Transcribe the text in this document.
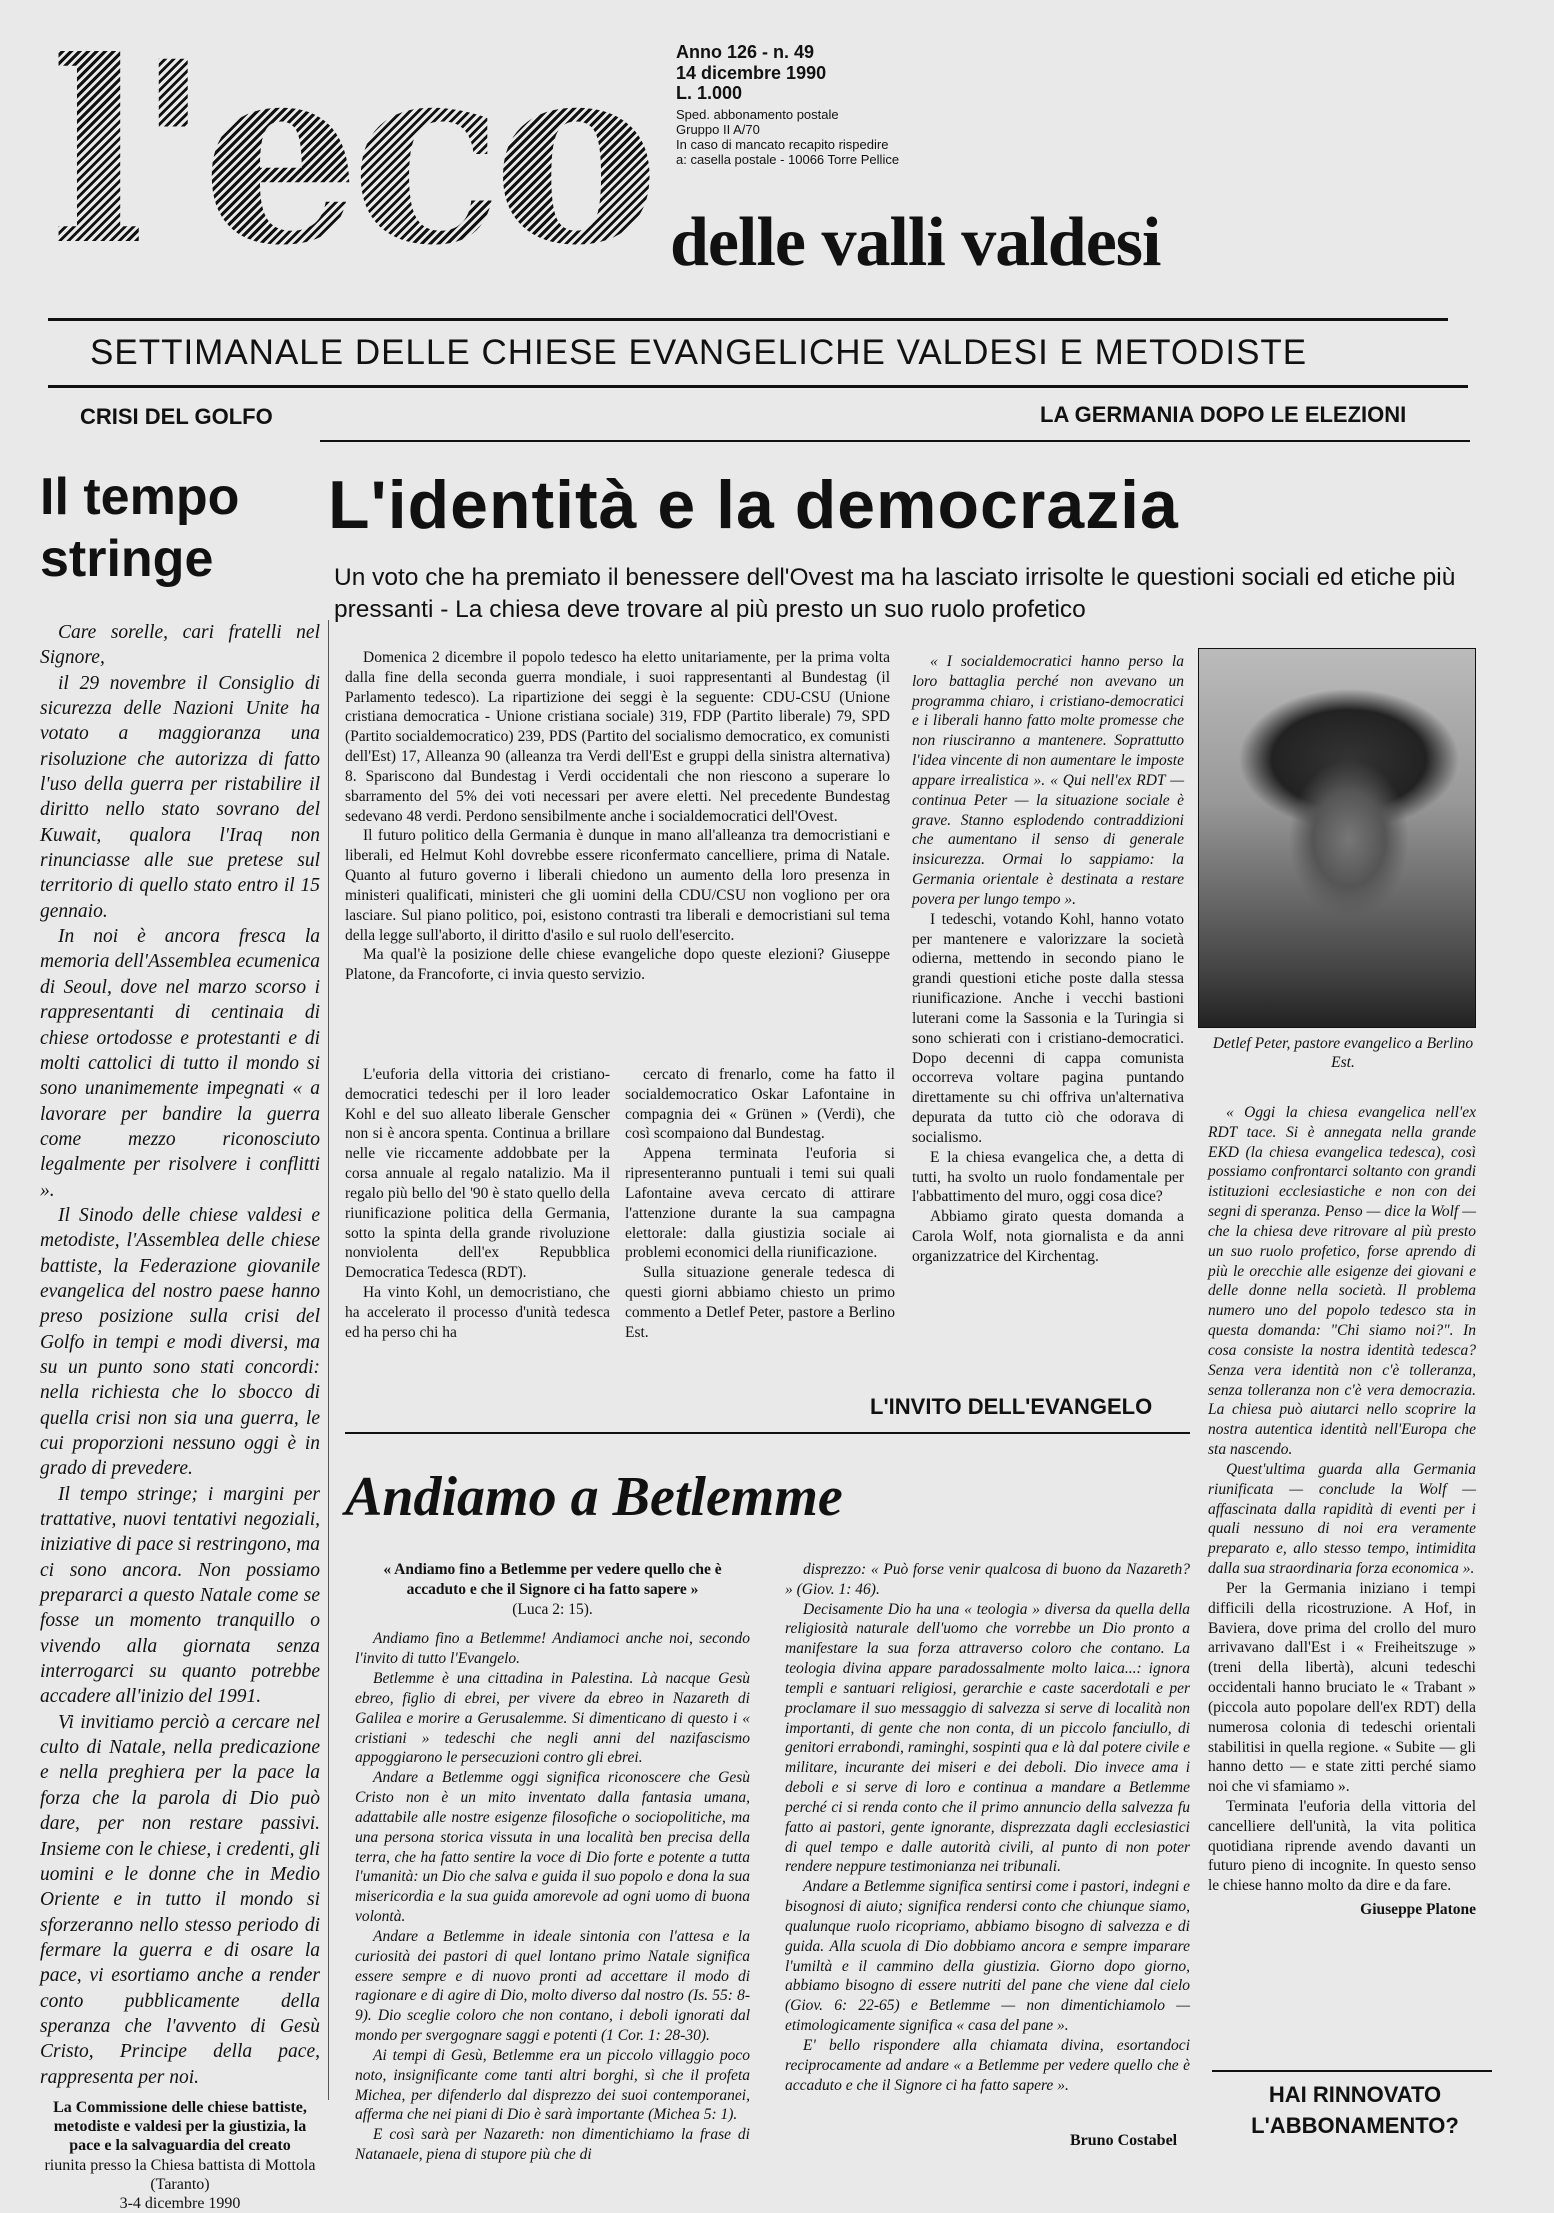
l'eco Anno 126 - n. 49
14 dicembre 1990
L. 1.000
Sped. abbonamento postale
Gruppo II A/70
In caso di mancato recapito rispedire
a: casella postale - 10066 Torre Pellice
delle valli valdesi
SETTIMANALE DELLE CHIESE EVANGELICHE VALDESI E METODISTE
CRISI DEL GOLFO	LA GERMANIA DOPO LE ELEZIONI
Il tempo
stringe

Care sorelle, cari fratelli nel Signore,

il 29 novembre il Consiglio di sicurezza delle Nazioni Unite ha votato a maggioranza una risoluzione che autorizza di fatto l'uso della guerra per ristabilire il diritto nello stato sovrano del Kuwait, qualora l'Iraq non rinunciasse alle sue pretese sul territorio di quello stato entro il 15 gennaio.

In noi è ancora fresca la memoria dell'Assemblea ecumenica di Seoul, dove nel marzo scorso i rappresentanti di centinaia di chiese ortodosse e protestanti e di molti cattolici di tutto il mondo si sono unanimemente impegnati « a lavorare per bandire la guerra come mezzo riconosciuto legalmente per risolvere i conflitti ».

Il Sinodo delle chiese valdesi e metodiste, l'Assemblea delle chiese battiste, la Federazione giovanile evangelica del nostro paese hanno preso posizione sulla crisi del Golfo in tempi e modi diversi, ma su un punto sono stati concordi: nella richiesta che lo sbocco di quella crisi non sia una guerra, le cui proporzioni nessuno oggi è in grado di prevedere.

Il tempo stringe; i margini per trattative, nuovi tentativi negoziali, iniziative di pace si restringono, ma ci sono ancora. Non possiamo prepararci a questo Natale come se fosse un momento tranquillo o vivendo alla giornata senza interrogarci su quanto potrebbe accadere all'inizio del 1991.

Vi invitiamo perciò a cercare nel culto di Natale, nella predicazione e nella preghiera per la pace la forza che la parola di Dio può dare, per non restare passivi. Insieme con le chiese, i credenti, gli uomini e le donne che in Medio Oriente e in tutto il mondo si sforzeranno nello stesso periodo di fermare la guerra e di osare la pace, vi esortiamo anche a render conto pubblicamente della speranza che l'avvento di Gesù Cristo, Principe della pace, rappresenta per noi.

La Commissione delle chiese battiste, metodiste e valdesi per la giustizia, la pace e la salvaguardia del creato
riunita presso la Chiesa battista di Mottola (Taranto)
3-4 dicembre 1990
L'identità e la democrazia
Un voto che ha premiato il benessere dell'Ovest ma ha lasciato irrisolte le questioni sociali ed etiche più pressanti - La chiesa deve trovare al più presto un suo ruolo profetico

Domenica 2 dicembre il popolo tedesco ha eletto unitariamente, per la prima volta dalla fine della seconda guerra mondiale, i suoi rappresentanti al Bundestag (il Parlamento tedesco). La ripartizione dei seggi è la seguente: CDU-CSU (Unione cristiana democratica - Unione cristiana sociale) 319, FDP (Partito liberale) 79, SPD (Partito socialdemocratico) 239, PDS (Partito del socialismo democratico, ex comunisti dell'Est) 17, Alleanza 90 (alleanza tra Verdi dell'Est e gruppi della sinistra alternativa) 8. Spariscono dal Bundestag i Verdi occidentali che non riescono a superare lo sbarramento del 5% dei voti necessari per avere eletti. Nel precedente Bundestag sedevano 48 verdi. Perdono sensibilmente anche i socialdemocratici dell'Ovest.

Il futuro politico della Germania è dunque in mano all'alleanza tra democristiani e liberali, ed Helmut Kohl dovrebbe essere riconfermato cancelliere, prima di Natale. Quanto al futuro governo i liberali chiedono un aumento della loro presenza in ministeri qualificati, ministeri che gli uomini della CDU/CSU non vogliono per ora lasciare. Sul piano politico, poi, esistono contrasti tra liberali e democristiani sul tema della legge sull'aborto, il diritto d'asilo e sul ruolo dell'esercito.

Ma qual'è la posizione delle chiese evangeliche dopo queste elezioni? Giuseppe Platone, da Francoforte, ci invia questo servizio.

L'euforia della vittoria dei cristiano-democratici tedeschi per il loro leader Kohl e del suo alleato liberale Genscher non si è ancora spenta. Continua a brillare nelle vie riccamente addobbate per la corsa annuale al regalo natalizio. Ma il regalo più bello del '90 è stato quello della riunificazione politica della Germania, sotto la spinta della grande rivoluzione nonviolenta dell'ex Repubblica Democratica Tedesca (RDT).

Ha vinto Kohl, un democristiano, che ha accelerato il processo d'unità tedesca ed ha perso chi ha

cercato di frenarlo, come ha fatto il socialdemocratico Oskar Lafontaine in compagnia dei « Grünen » (Verdi), che così scompaiono dal Bundestag.

Appena terminata l'euforia si ripresenteranno puntuali i temi sui quali Lafontaine aveva cercato di attirare l'attenzione durante la sua campagna elettorale: dalla giustizia sociale ai problemi economici della riunificazione.

Sulla situazione generale tedesca di questi giorni abbiamo chiesto un primo commento a Detlef Peter, pastore a Berlino Est.

« I socialdemocratici hanno perso la loro battaglia perché non avevano un programma chiaro, i cristiano-democratici e i liberali hanno fatto molte promesse che non riusciranno a mantenere. Soprattutto l'idea vincente di non aumentare le imposte appare irrealistica ». « Qui nell'ex RDT — continua Peter — la situazione sociale è grave. Stanno esplodendo contraddizioni che aumentano il senso di generale insicurezza. Ormai lo sappiamo: la Germania orientale è destinata a restare povera per lungo tempo ».

I tedeschi, votando Kohl, hanno votato per mantenere e valorizzare la società odierna, mettendo in secondo piano le grandi questioni etiche poste dalla stessa riunificazione. Anche i vecchi bastioni luterani come la Sassonia e la Turingia si sono schierati con i cristiano-democratici. Dopo decenni di cappa comunista occorreva voltare pagina puntando direttamente su chi offriva un'alternativa depurata da tutto ciò che odorava di socialismo.

E la chiesa evangelica che, a detta di tutti, ha svolto un ruolo fondamentale per l'abbattimento del muro, oggi cosa dice?

Abbiamo girato questa domanda a Carola Wolf, nota giornalista e da anni organizzatrice del Kirchentag.

Detlef Peter, pastore evangelico a Berlino Est.

« Oggi la chiesa evangelica nell'ex RDT tace. Si è annegata nella grande EKD (la chiesa evangelica tedesca), così possiamo confrontarci soltanto con grandi istituzioni ecclesiastiche e non con dei segni di speranza. Penso — dice la Wolf — che la chiesa deve ritrovare al più presto un suo ruolo profetico, forse aprendo di più le orecchie alle esigenze dei giovani e delle donne nella società. Il problema numero uno del popolo tedesco sta in questa domanda: "Chi siamo noi?". In cosa consiste la nostra identità tedesca? Senza vera identità non c'è tolleranza, senza tolleranza non c'è vera democrazia. La chiesa può aiutarci nello scoprire la nostra autentica identità nell'Europa che sta nascendo.

Quest'ultima guarda alla Germania riunificata — conclude la Wolf — affascinata dalla rapidità di eventi per i quali nessuno di noi era veramente preparato e, allo stesso tempo, intimidita dalla sua straordinaria forza economica ».

Per la Germania iniziano i tempi difficili della ricostruzione. A Hof, in Baviera, dove prima del crollo del muro arrivavano dall'Est i « Freiheitszuge » (treni della libertà), alcuni tedeschi occidentali hanno bruciato le « Trabant » (piccola auto popolare dell'ex RDT) della numerosa colonia di tedeschi orientali stabilitisi in quella regione. « Subite — gli hanno detto — e state zitti perché siamo noi che vi sfamiamo ».

Terminata l'euforia della vittoria del cancelliere dell'unità, la vita politica quotidiana riprende avendo davanti un futuro pieno di incognite. In questo senso le chiese hanno molto da dire e da fare.

Giuseppe Platone
L'INVITO DELL'EVANGELO
Andiamo a Betlemme
« Andiamo fino a Betlemme per vedere quello che è accaduto e che il Signore ci ha fatto sapere »
(Luca 2: 15).

Andiamo fino a Betlemme! Andiamoci anche noi, secondo l'invito di tutto l'Evangelo.

Betlemme è una cittadina in Palestina. Là nacque Gesù ebreo, figlio di ebrei, per vivere da ebreo in Nazareth di Galilea e morire a Gerusalemme. Si dimenticano di questo i « cristiani » tedeschi che negli anni del nazifascismo appoggiarono le persecuzioni contro gli ebrei.

Andare a Betlemme oggi significa riconoscere che Gesù Cristo non è un mito inventato dalla fantasia umana, adattabile alle nostre esigenze filosofiche o sociopolitiche, ma una persona storica vissuta in una località ben precisa della terra, che ha fatto sentire la voce di Dio forte e potente a tutta l'umanità: un Dio che salva e guida il suo popolo e dona la sua misericordia e la sua guida amorevole ad ogni uomo di buona volontà.

Andare a Betlemme in ideale sintonia con l'attesa e la curiosità dei pastori di quel lontano primo Natale significa essere sempre e di nuovo pronti ad accettare il modo di ragionare e di agire di Dio, molto diverso dal nostro (Is. 55: 8-9). Dio sceglie coloro che non contano, i deboli ignorati dal mondo per svergognare saggi e potenti (1 Cor. 1: 28-30).

Ai tempi di Gesù, Betlemme era un piccolo villaggio poco noto, insignificante come tanti altri borghi, sì che il profeta Michea, per difenderlo dal disprezzo dei suoi contemporanei, afferma che nei piani di Dio è sarà importante (Michea 5: 1).

E così sarà per Nazareth: non dimentichiamo la frase di Natanaele, piena di stupore più che di

disprezzo: « Può forse venir qualcosa di buono da Nazareth? » (Giov. 1: 46).

Decisamente Dio ha una « teologia » diversa da quella della religiosità naturale dell'uomo che vorrebbe un Dio pronto a manifestare la sua forza attraverso coloro che contano. La teologia divina appare paradossalmente molto laica...: ignora templi e santuari religiosi, gerarchie e caste sacerdotali e per proclamare il suo messaggio di salvezza si serve di località non importanti, di gente che non conta, di un piccolo fanciullo, di genitori errabondi, raminghi, sospinti qua e là dal potere civile e militare, incurante dei miseri e dei deboli. Dio invece ama i deboli e si serve di loro e continua a mandare a Betlemme perché ci si renda conto che il primo annuncio della salvezza fu fatto ai pastori, gente ignorante, disprezzata dagli ecclesiastici di quel tempo e dalle autorità civili, al punto di non poter rendere neppure testimonianza nei tribunali.

Andare a Betlemme significa sentirsi come i pastori, indegni e bisognosi di aiuto; significa rendersi conto che chiunque siamo, qualunque ruolo ricopriamo, abbiamo bisogno di salvezza e di guida. Alla scuola di Dio dobbiamo ancora e sempre imparare l'umiltà e il cammino della giustizia. Giorno dopo giorno, abbiamo bisogno di essere nutriti del pane che viene dal cielo (Giov. 6: 22-65) e Betlemme — non dimentichiamolo — etimologicamente significa « casa del pane ».

E' bello rispondere alla chiamata divina, esortandoci reciprocamente ad andare « a Betlemme per vedere quello che è accaduto e che il Signore ci ha fatto sapere ».

Bruno Costabel
HAI RINNOVATO
L'ABBONAMENTO?
